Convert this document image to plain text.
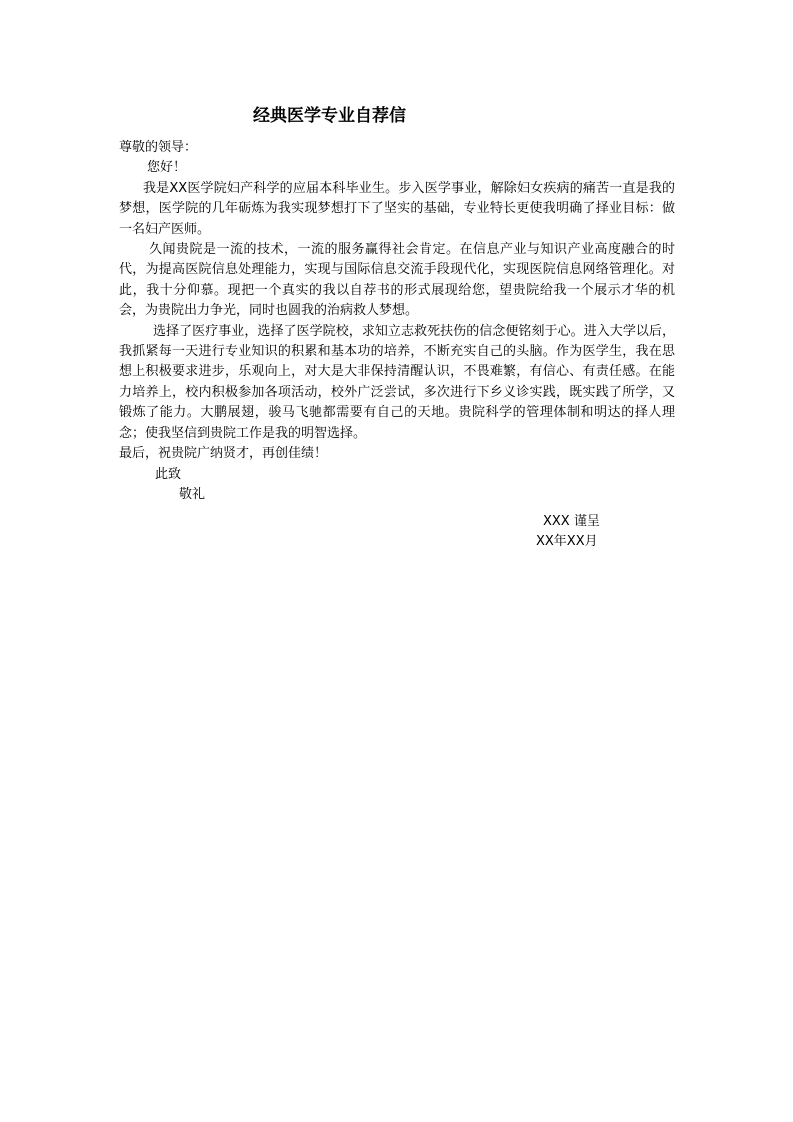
经典医学专业自荐信

尊敬的领导：

您好！

我是XX医学院妇产科学的应届本科毕业生。步入医学事业，解除妇女疾病的痛苦一直是我的梦想，医学院的几年砺炼为我实现梦想打下了坚实的基础，专业特长更使我明确了择业目标：做一名妇产医师。

久闻贵院是一流的技术，一流的服务赢得社会肯定。在信息产业与知识产业高度融合的时代，为提高医院信息处理能力，实现与国际信息交流手段现代化，实现医院信息网络管理化。对此，我十分仰慕。现把一个真实的我以自荐书的形式展现给您，望贵院给我一个展示才华的机会，为贵院出力争光，同时也圆我的治病救人梦想。

选择了医疗事业，选择了医学院校，求知立志救死扶伤的信念便铭刻于心。进入大学以后，我抓紧每一天进行专业知识的积累和基本功的培养，不断充实自己的头脑。作为医学生，我在思想上积极要求进步，乐观向上，对大是大非保持清醒认识，不畏难繁，有信心、有责任感。在能力培养上，校内积极参加各项活动，校外广泛尝试，多次进行下乡义诊实践，既实践了所学，又锻炼了能力。大鹏展翅，骏马飞驰都需要有自己的天地。贵院科学的管理体制和明达的择人理念；使我坚信到贵院工作是我的明智选择。

最后，祝贵院广纳贤才，再创佳绩！

此致

敬礼

XXX 谨呈
XX年XX月
